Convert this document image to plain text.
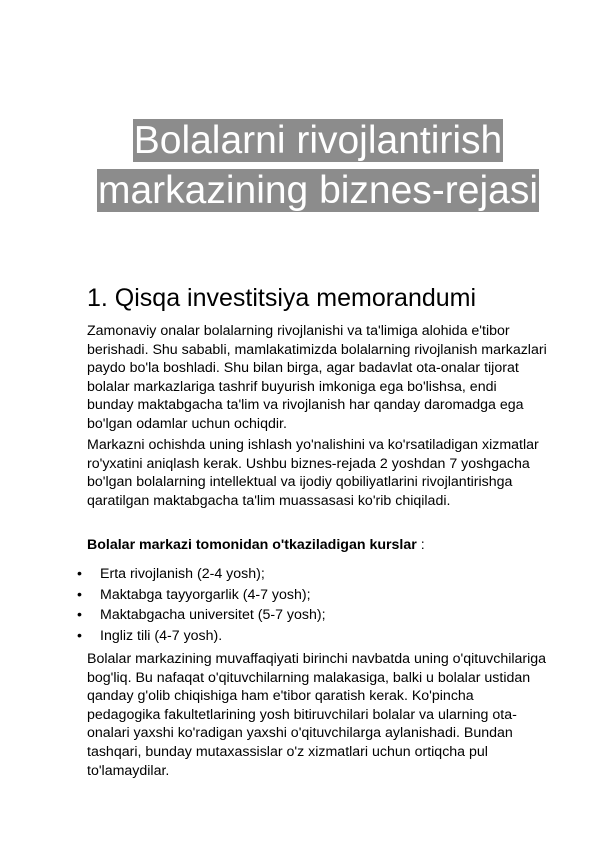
Bolalarni rivojlantirish markazining biznes-rejasi
1. Qisqa investitsiya memorandumi

Zamonaviy onalar bolalarning rivojlanishi va ta'limiga alohida e'tibor berishadi. Shu sababli, mamlakatimizda bolalarning rivojlanish markazlari paydo bo'la boshladi. Shu bilan birga, agar badavlat ota-onalar tijorat bolalar markazlariga tashrif buyurish imkoniga ega bo'lishsa, endi bunday maktabgacha ta'lim va rivojlanish har qanday daromadga ega bo'lgan odamlar uchun ochiqdir.

Markazni ochishda uning ishlash yo'nalishini va ko'rsatiladigan xizmatlar ro'yxatini aniqlash kerak. Ushbu biznes-rejada 2 yoshdan 7 yoshgacha bo'lgan bolalarning intellektual va ijodiy qobiliyatlarini rivojlantirishga qaratilgan maktabgacha ta'lim muassasasi ko'rib chiqiladi.

Bolalar markazi tomonidan o'tkaziladigan kurslar :

• Erta rivojlanish (2-4 yosh);
• Maktabga tayyorgarlik (4-7 yosh);
• Maktabgacha universitet (5-7 yosh);
• Ingliz tili (4-7 yosh).

Bolalar markazining muvaffaqiyati birinchi navbatda uning o'qituvchilariga bog'liq. Bu nafaqat o'qituvchilarning malakasiga, balki u bolalar ustidan qanday g'olib chiqishiga ham e'tibor qaratish kerak. Ko'pincha pedagogika fakultetlarining yosh bitiruvchilari bolalar va ularning ota-onalari yaxshi ko'radigan yaxshi o'qituvchilarga aylanishadi. Bundan tashqari, bunday mutaxassislar o'z xizmatlari uchun ortiqcha pul to'lamaydilar.
